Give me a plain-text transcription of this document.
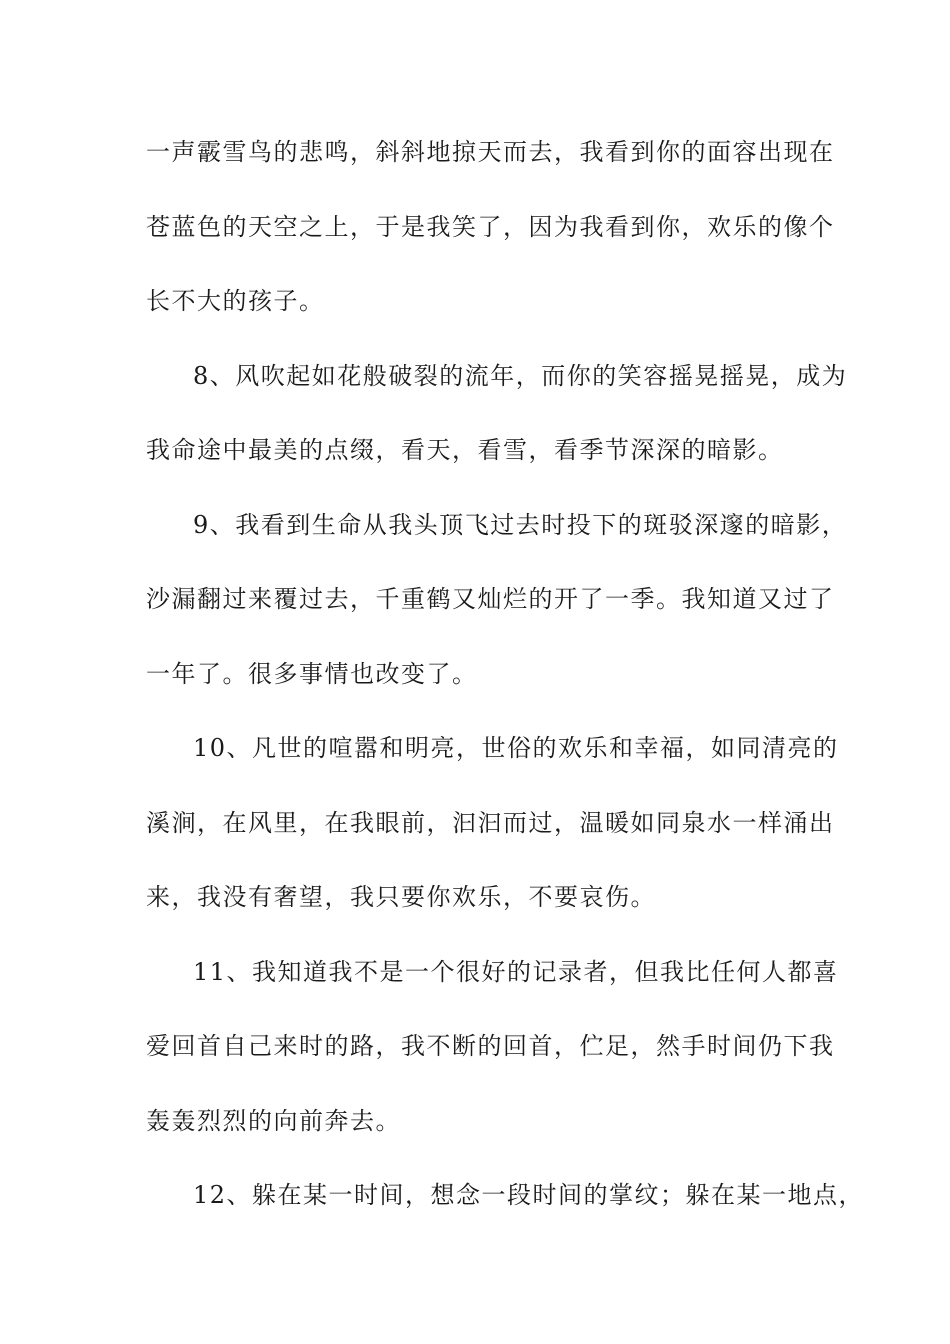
一声霰雪鸟的悲鸣，斜斜地掠天而去，我看到你的面容出现在
苍蓝色的天空之上，于是我笑了，因为我看到你，欢乐的像个
长不大的孩子。
8、风吹起如花般破裂的流年，而你的笑容摇晃摇晃，成为
我命途中最美的点缀，看天，看雪，看季节深深的暗影。
9、我看到生命从我头顶飞过去时投下的斑驳深邃的暗影，
沙漏翻过来覆过去，千重鹤又灿烂的开了一季。我知道又过了
一年了。很多事情也改变了。
10、凡世的喧嚣和明亮，世俗的欢乐和幸福，如同清亮的
溪涧，在风里，在我眼前，汩汩而过，温暖如同泉水一样涌出
来，我没有奢望，我只要你欢乐，不要哀伤。
11、我知道我不是一个很好的记录者，但我比任何人都喜
爱回首自己来时的路，我不断的回首，伫足，然手时间仍下我
轰轰烈烈的向前奔去。
12、躲在某一时间，想念一段时间的掌纹；躲在某一地点，
